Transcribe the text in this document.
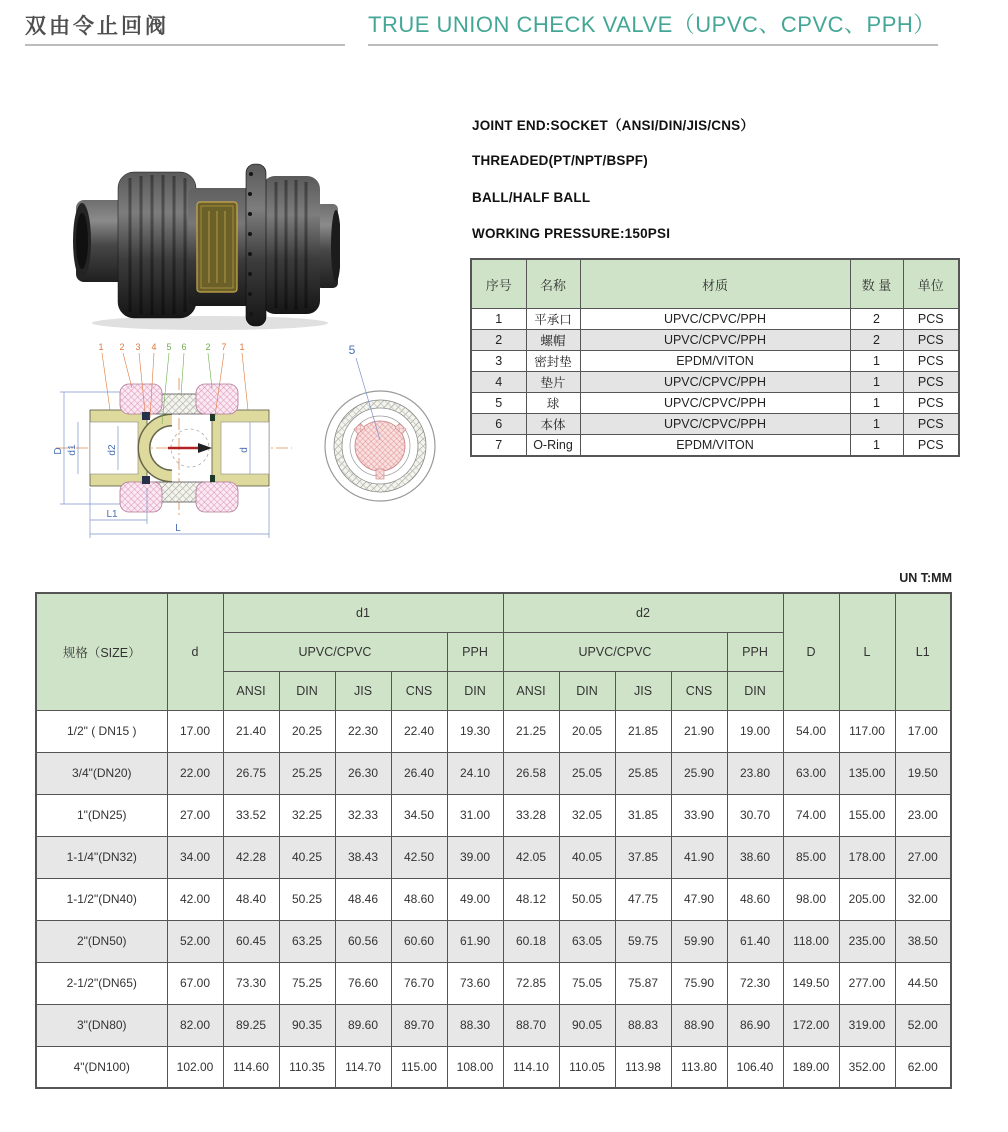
双由令止回阀	TRUE UNION CHECK VALVE（UPVC、CPVC、PPH）
JOINT END:SOCKET（ANSI/DIN/JIS/CNS）
THREADED(PT/NPT/BSPF)
BALL/HALF BALL
WORKING PRESSURE:150PSI
序号	名称	材质	数 量	单位
1	平承口	UPVC/CPVC/PPH	2	PCS
2	螺帽	UPVC/CPVC/PPH	2	PCS
3	密封垫	EPDM/VITON	1	PCS
4	垫片	UPVC/CPVC/PPH	1	PCS
5	球	UPVC/CPVC/PPH	1	PCS
6	本体	UPVC/CPVC/PPH	1	PCS
7	O-Ring	EPDM/VITON	1	PCS
D d1	d2	d
L1
L
1 2 3 4 5 6 2 7 1	5
UN T:MM
规格（SIZE）	d	d1					d2					D	L	L1
		UPVC/CPVC				PPH	UPVC/CPVC				PPH			
		ANSI	DIN	JIS	CNS	DIN	ANSI	DIN	JIS	CNS	DIN			
1/2" ( DN15 )	17.00	21.40	20.25	22.30	22.40	19.30	21.25	20.05	21.85	21.90	19.00	54.00	117.00	17.00
3/4"(DN20)	22.00	26.75	25.25	26.30	26.40	24.10	26.58	25.05	25.85	25.90	23.80	63.00	135.00	19.50
1"(DN25)	27.00	33.52	32.25	32.33	34.50	31.00	33.28	32.05	31.85	33.90	30.70	74.00	155.00	23.00
1-1/4"(DN32)	34.00	42.28	40.25	38.43	42.50	39.00	42.05	40.05	37.85	41.90	38.60	85.00	178.00	27.00
1-1/2"(DN40)	42.00	48.40	50.25	48.46	48.60	49.00	48.12	50.05	47.75	47.90	48.60	98.00	205.00	32.00
2"(DN50)	52.00	60.45	63.25	60.56	60.60	61.90	60.18	63.05	59.75	59.90	61.40	118.00	235.00	38.50
2-1/2"(DN65)	67.00	73.30	75.25	76.60	76.70	73.60	72.85	75.05	75.87	75.90	72.30	149.50	277.00	44.50
3"(DN80)	82.00	89.25	90.35	89.60	89.70	88.30	88.70	90.05	88.83	88.90	86.90	172.00	319.00	52.00
4"(DN100)	102.00	114.60	110.35	114.70	115.00	108.00	114.10	110.05	113.98	113.80	106.40	189.00	352.00	62.00
